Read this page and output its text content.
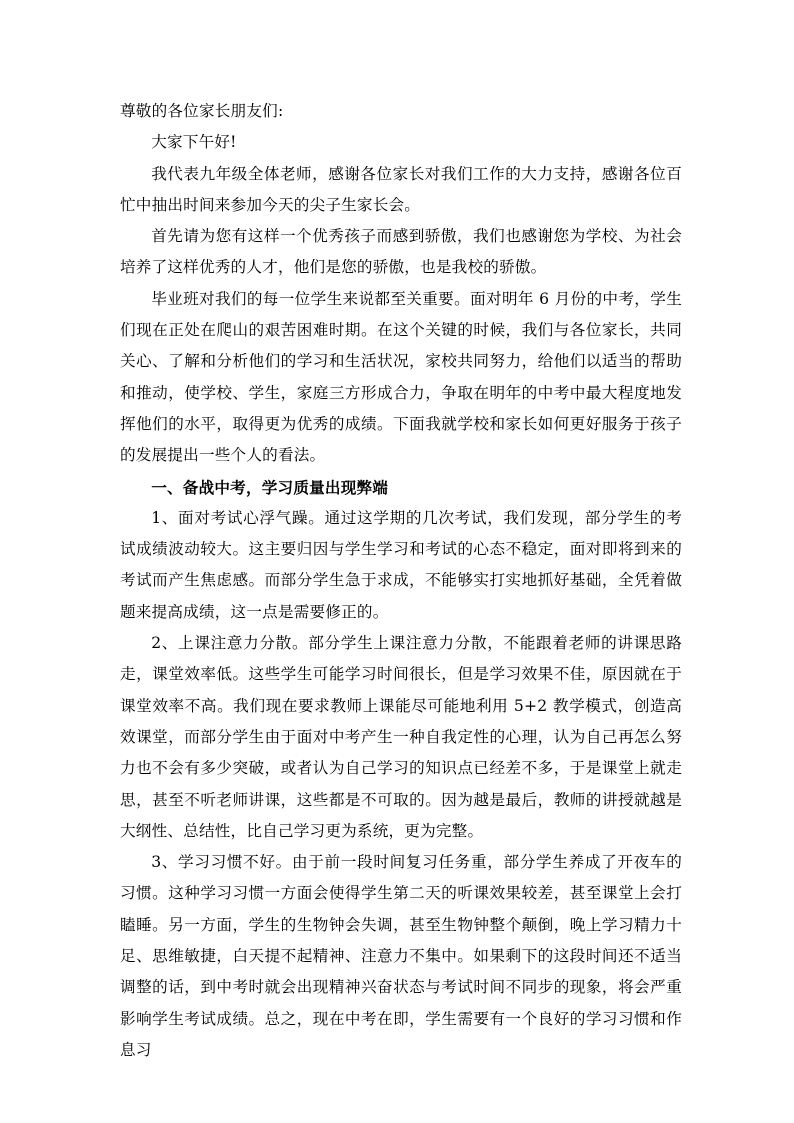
尊敬的各位家长朋友们:

大家下午好!

我代表九年级全体老师，感谢各位家长对我们工作的大力支持，感谢各位百忙中抽出时间来参加今天的尖子生家长会。

首先请为您有这样一个优秀孩子而感到骄傲，我们也感谢您为学校、为社会培养了这样优秀的人才，他们是您的骄傲，也是我校的骄傲。

毕业班对我们的每一位学生来说都至关重要。面对明年 6 月份的中考，学生们现在正处在爬山的艰苦困难时期。在这个关键的时候，我们与各位家长，共同关心、了解和分析他们的学习和生活状况，家校共同努力，给他们以适当的帮助和推动，使学校、学生，家庭三方形成合力，争取在明年的中考中最大程度地发挥他们的水平，取得更为优秀的成绩。下面我就学校和家长如何更好服务于孩子的发展提出一些个人的看法。

一、备战中考，学习质量出现弊端

1、面对考试心浮气躁。通过这学期的几次考试，我们发现，部分学生的考试成绩波动较大。这主要归因与学生学习和考试的心态不稳定，面对即将到来的考试而产生焦虑感。而部分学生急于求成，不能够实打实地抓好基础，全凭着做题来提高成绩，这一点是需要修正的。

2、上课注意力分散。部分学生上课注意力分散，不能跟着老师的讲课思路走，课堂效率低。这些学生可能学习时间很长，但是学习效果不佳，原因就在于课堂效率不高。我们现在要求教师上课能尽可能地利用 5+2 教学模式，创造高效课堂，而部分学生由于面对中考产生一种自我定性的心理，认为自己再怎么努力也不会有多少突破，或者认为自己学习的知识点已经差不多，于是课堂上就走思，甚至不听老师讲课，这些都是不可取的。因为越是最后，教师的讲授就越是大纲性、总结性，比自己学习更为系统，更为完整。

3、学习习惯不好。由于前一段时间复习任务重，部分学生养成了开夜车的习惯。这种学习习惯一方面会使得学生第二天的听课效果较差，甚至课堂上会打瞌睡。另一方面，学生的生物钟会失调，甚至生物钟整个颠倒，晚上学习精力十足、思维敏捷，白天提不起精神、注意力不集中。如果剩下的这段时间还不适当调整的话，到中考时就会出现精神兴奋状态与考试时间不同步的现象，将会严重影响学生考试成绩。总之，现在中考在即，学生需要有一个良好的学习习惯和作息习
